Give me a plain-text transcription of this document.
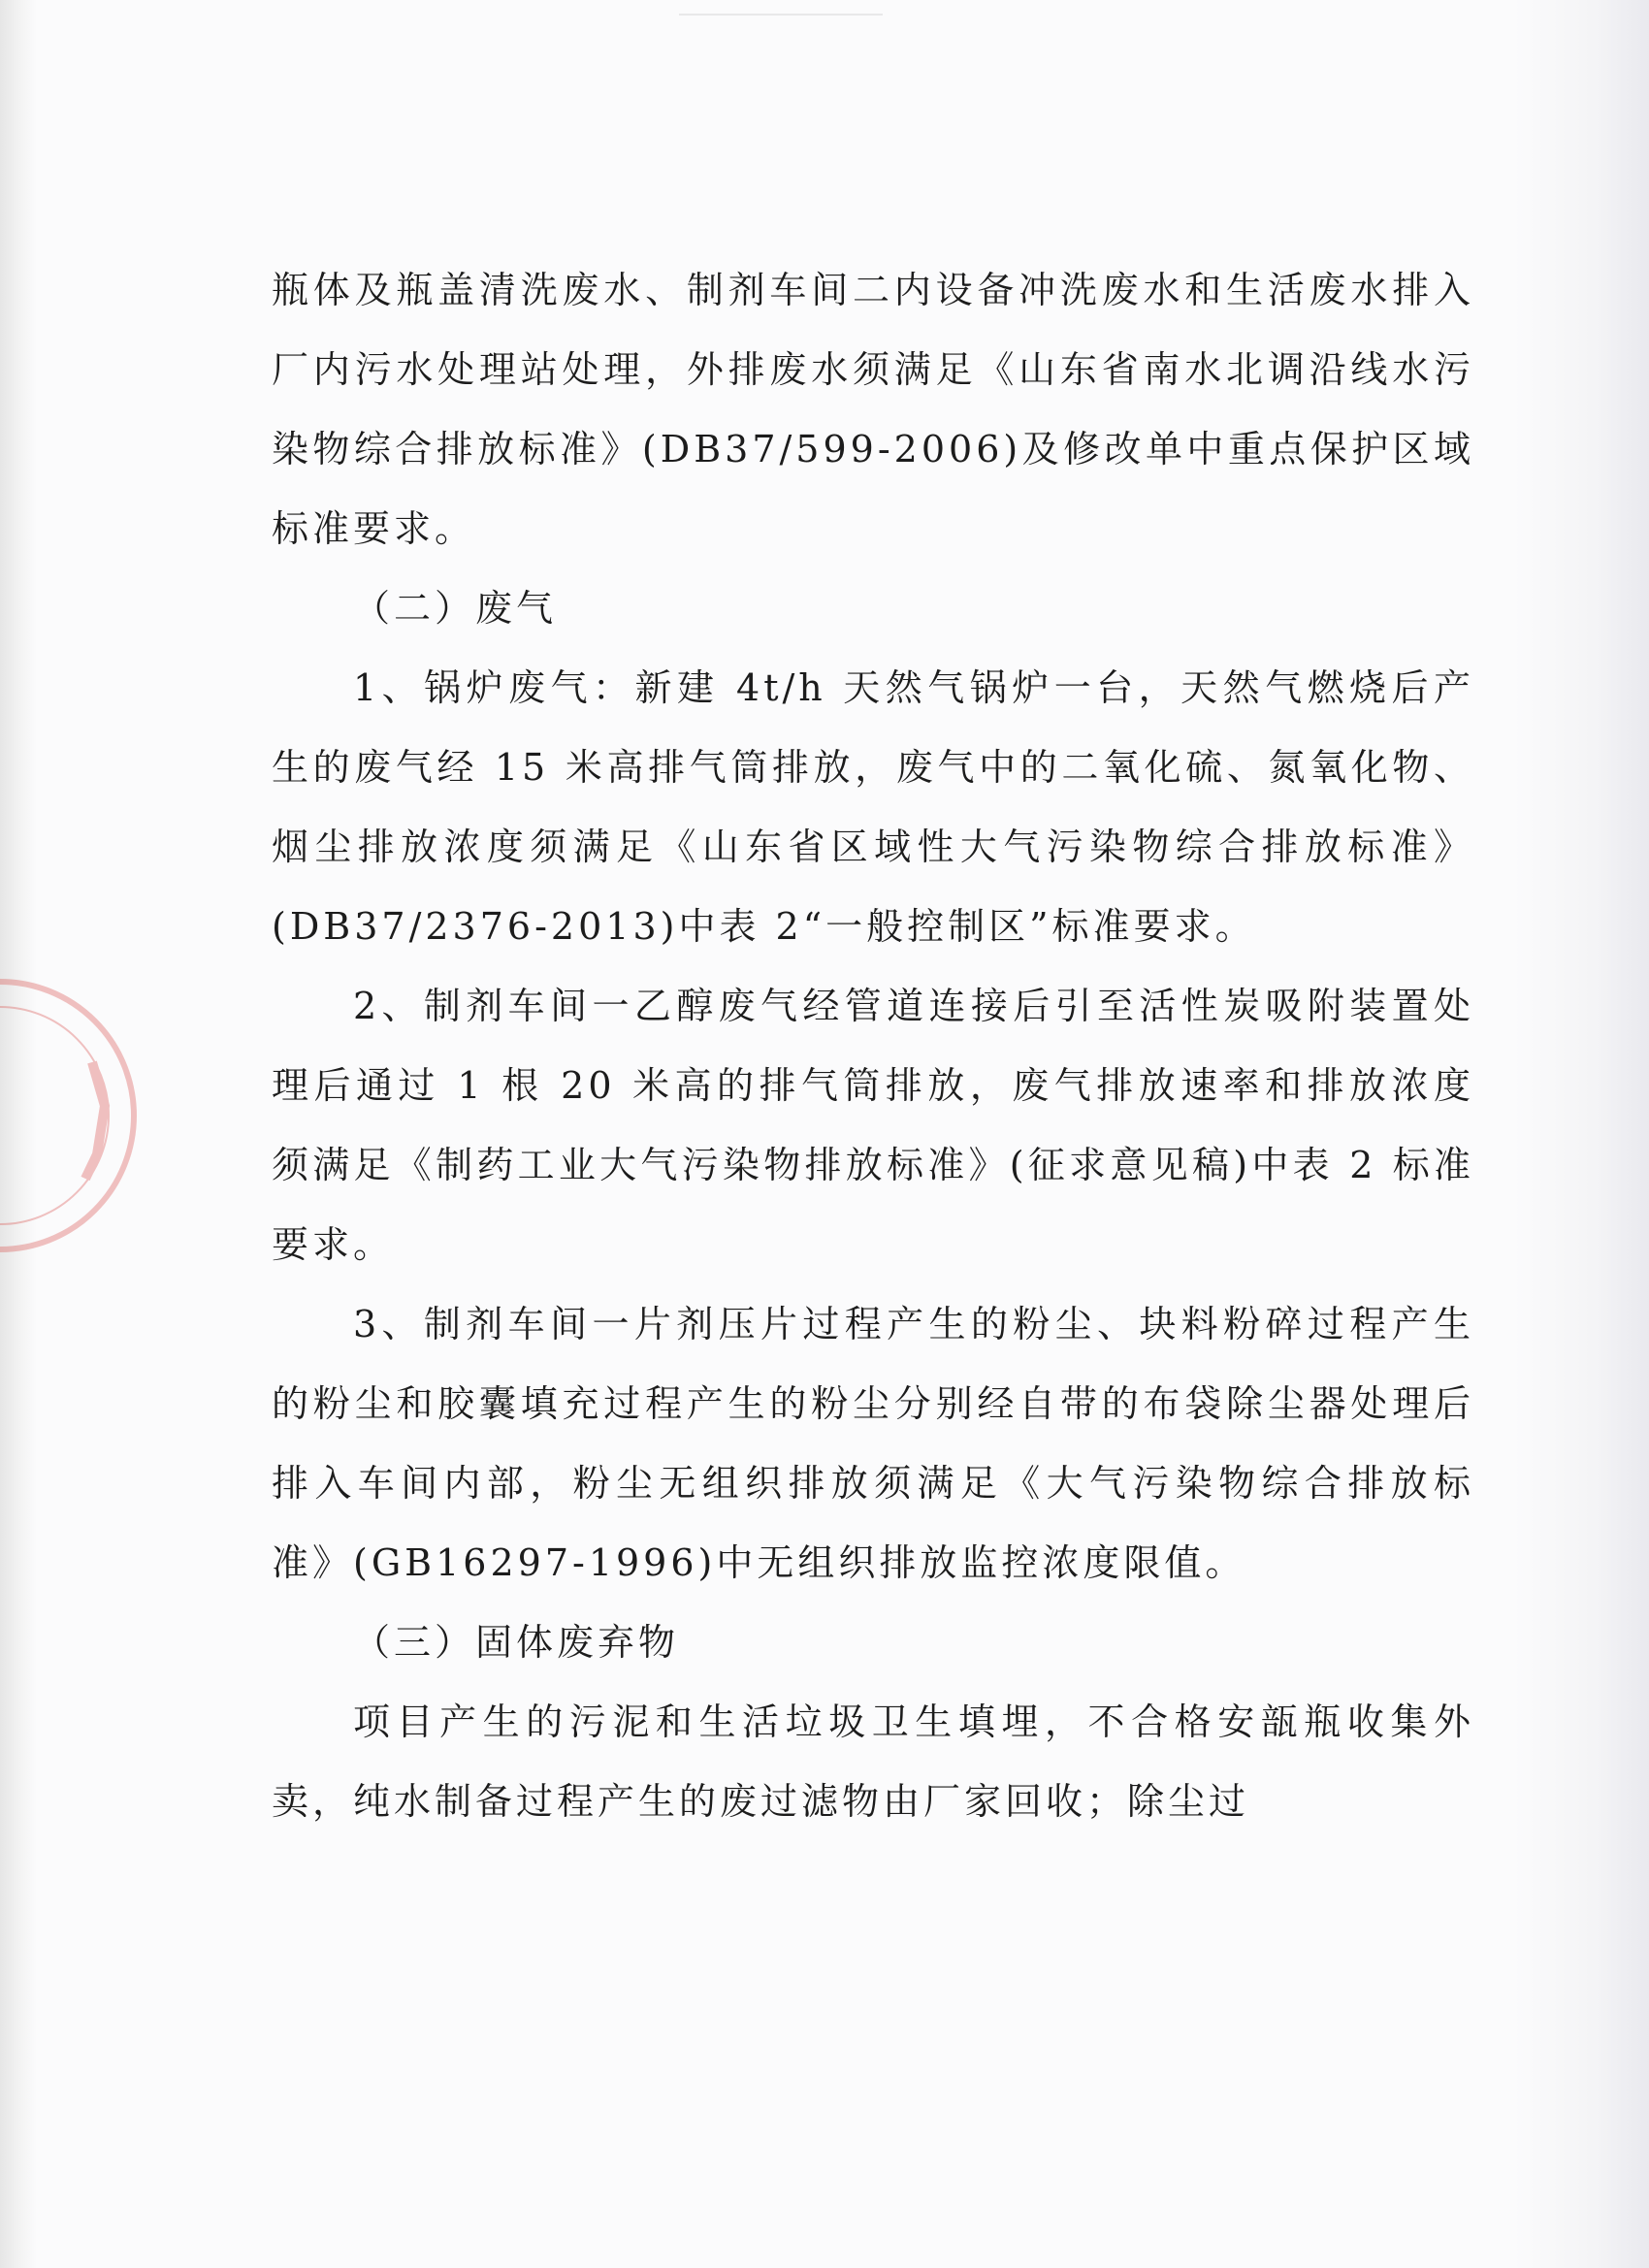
瓶体及瓶盖清洗废水、制剂车间二内设备冲洗废水和生活废水排入厂内污水处理站处理，外排废水须满足《山东省南水北调沿线水污染物综合排放标准》(DB37/599-2006)及修改单中重点保护区域标准要求。

（二）废气

1、锅炉废气：新建 4t/h 天然气锅炉一台，天然气燃烧后产生的废气经 15 米高排气筒排放，废气中的二氧化硫、氮氧化物、烟尘排放浓度须满足《山东省区域性大气污染物综合排放标准》(DB37/2376-2013)中表 2“一般控制区”标准要求。

2、制剂车间一乙醇废气经管道连接后引至活性炭吸附装置处理后通过 1 根 20 米高的排气筒排放，废气排放速率和排放浓度须满足《制药工业大气污染物排放标准》(征求意见稿)中表 2 标准要求。

3、制剂车间一片剂压片过程产生的粉尘、块料粉碎过程产生的粉尘和胶囊填充过程产生的粉尘分别经自带的布袋除尘器处理后排入车间内部，粉尘无组织排放须满足《大气污染物综合排放标准》(GB16297-1996)中无组织排放监控浓度限值。

（三）固体废弃物

项目产生的污泥和生活垃圾卫生填埋，不合格安瓿瓶收集外卖，纯水制备过程产生的废过滤物由厂家回收；除尘过
